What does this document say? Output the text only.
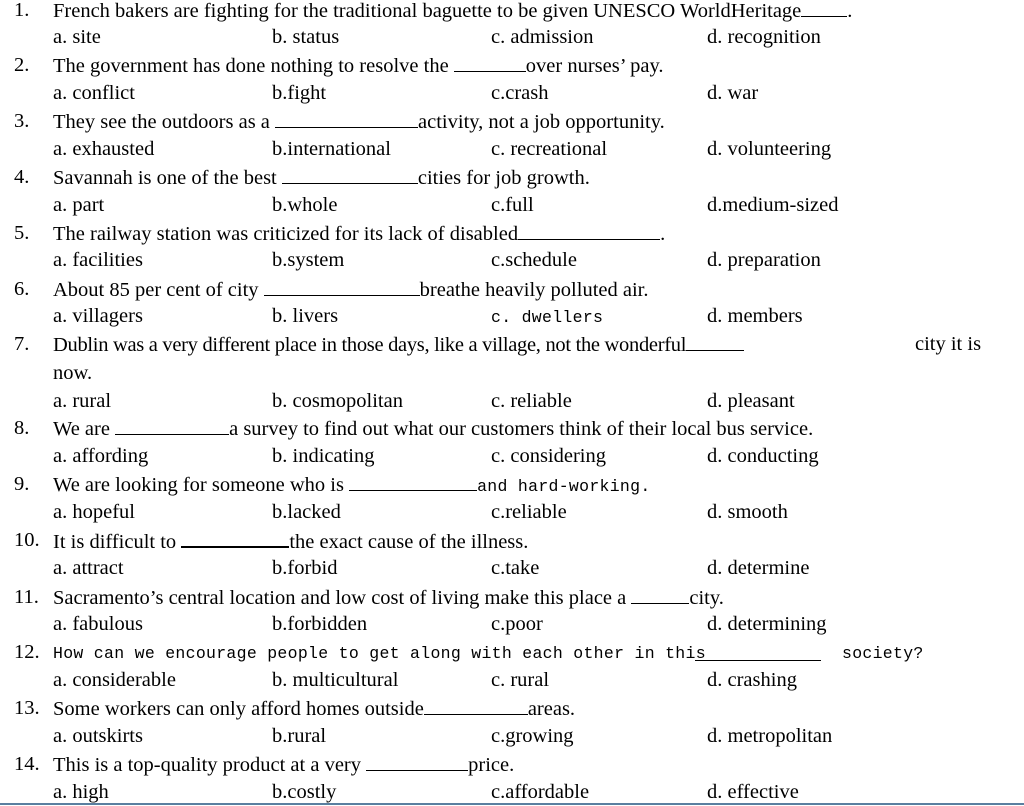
1. French bakers are fighting for the traditional baguette to be given UNESCO WorldHeritage .
a. site	b. status	c. admission	d. recognition
2. The government has done nothing to resolve the	over nurses’ pay.
a. conflict	b.fight	c.crash	d. war
3. They see the outdoors as a	activity, not a job opportunity.
a. exhausted	b.international	c. recreational	d. volunteering
4. Savannah is one of the best	cities for job growth.
a. part	b.whole	c.full	d.medium-sized
5. The railway station was criticized for its lack of disabled	.
a. facilities	b.system	c.schedule	d. preparation
6. About 85 per cent of city	breathe heavily polluted air.
a. villagers	b. livers	c. dwellers	d. members
7. Dublin was a very different place in those days, like a village, not the wonderful	city it is
now.
a. rural	b. cosmopolitan	c. reliable	d. pleasant
8. We are	a survey to find out what our customers think of their local bus service.
a. affording	b. indicating	c. considering	d. conducting
9. We are looking for someone who is	and hard-working.
a. hopeful	b.lacked	c.reliable	d. smooth
10. It is difficult to	the exact cause of the illness.
a. attract	b.forbid	c.take	d. determine
11. Sacramento’s central location and low cost of living make this place a	city.
a. fabulous	b.forbidden	c.poor	d. determining
12. How can we encourage people to get along with each other in this	society?
a. considerable	b. multicultural	c. rural	d. crashing
13. Some workers can only afford homes outside	areas.
a. outskirts	b.rural	c.growing	d. metropolitan
14. This is a top-quality product at a very	price.
a. high	b.costly	c.affordable	d. effective
